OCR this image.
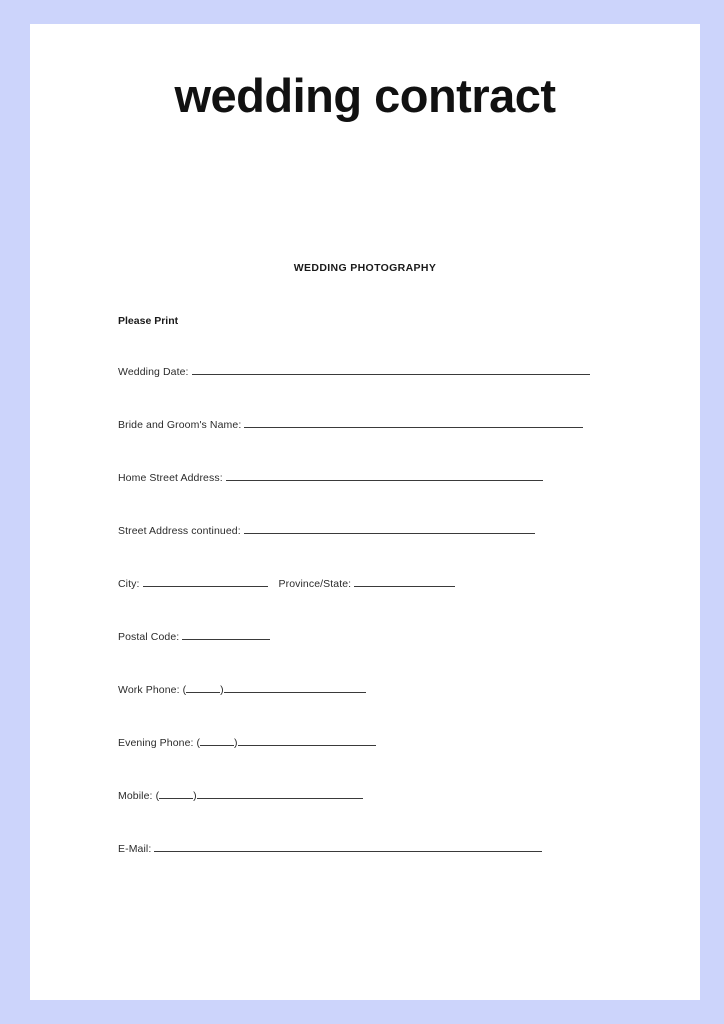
wedding contract
WEDDING PHOTOGRAPHY
Please Print
Wedding Date:
Bride and Groom's Name:
Home Street Address:
Street Address continued:
City:	Province/State:
Postal Code:
Work Phone: (	)
Evening Phone: (	)
Mobile: (	)
E-Mail:
